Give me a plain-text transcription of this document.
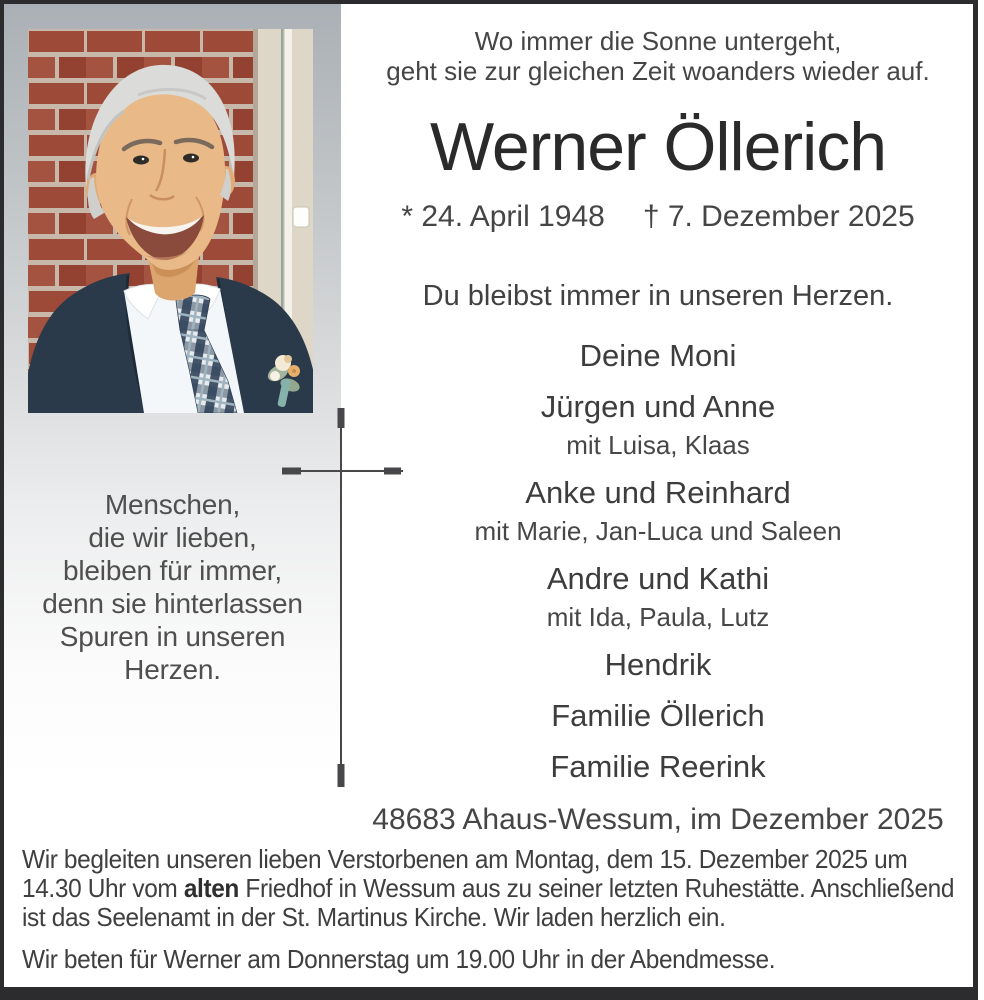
Menschen,
die wir lieben,
bleiben für immer,
denn sie hinterlassen
Spuren in unseren
Herzen.
Wo immer die Sonne untergeht,
geht sie zur gleichen Zeit woanders wieder auf.
Werner Öllerich
* 24. April 1948 † 7. Dezember 2025
Du bleibst immer in unseren Herzen.
Deine Moni
Jürgen und Anne
mit Luisa, Klaas
Anke und Reinhard
mit Marie, Jan-Luca und Saleen
Andre und Kathi
mit Ida, Paula, Lutz
Hendrik
Familie Öllerich
Familie Reerink
48683 Ahaus-Wessum, im Dezember 2025
Wir begleiten unseren lieben Verstorbenen am Montag, dem 15. Dezember 2025 um
14.30 Uhr vom alten Friedhof in Wessum aus zu seiner letzten Ruhestätte. Anschließend
ist das Seelenamt in der St. Martinus Kirche. Wir laden herzlich ein.
Wir beten für Werner am Donnerstag um 19.00 Uhr in der Abendmesse.
